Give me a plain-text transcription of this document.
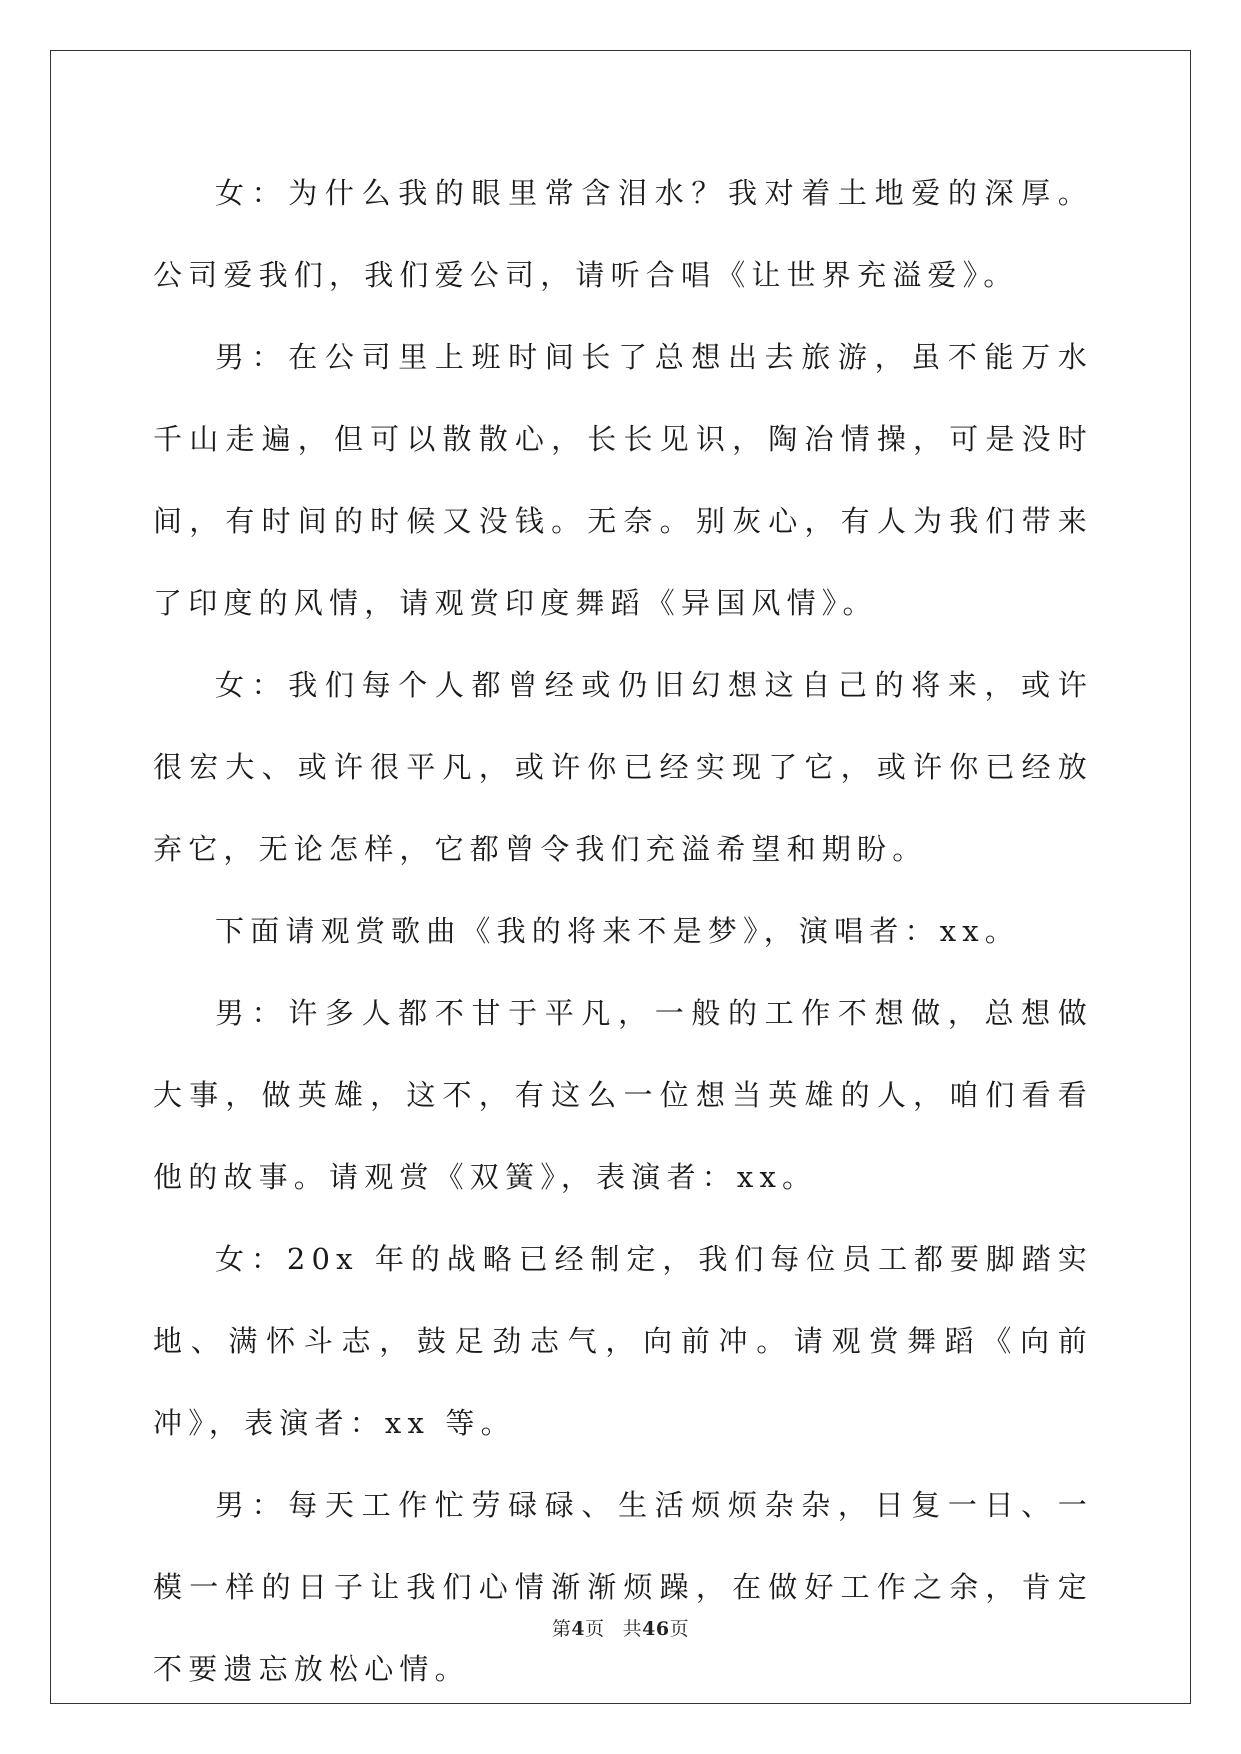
女：为什么我的眼里常含泪水？我对着土地爱的深厚。公司爱我们，我们爱公司，请听合唱《让世界充溢爱》。

男：在公司里上班时间长了总想出去旅游，虽不能万水千山走遍，但可以散散心，长长见识，陶冶情操，可是没时间，有时间的时候又没钱。无奈。别灰心，有人为我们带来了印度的风情，请观赏印度舞蹈《异国风情》。

女：我们每个人都曾经或仍旧幻想这自己的将来，或许很宏大、或许很平凡，或许你已经实现了它，或许你已经放弃它，无论怎样，它都曾令我们充溢希望和期盼。

下面请观赏歌曲《我的将来不是梦》，演唱者：xx。

男：许多人都不甘于平凡，一般的工作不想做，总想做大事，做英雄，这不，有这么一位想当英雄的人，咱们看看他的故事。请观赏《双簧》，表演者：xx。

女：20x 年的战略已经制定，我们每位员工都要脚踏实地、满怀斗志，鼓足劲志气，向前冲。请观赏舞蹈《向前冲》，表演者：xx 等。

男：每天工作忙劳碌碌、生活烦烦杂杂，日复一日、一模一样的日子让我们心情渐渐烦躁，在做好工作之余，肯定不要遗忘放松心情。

第4页 共46页
